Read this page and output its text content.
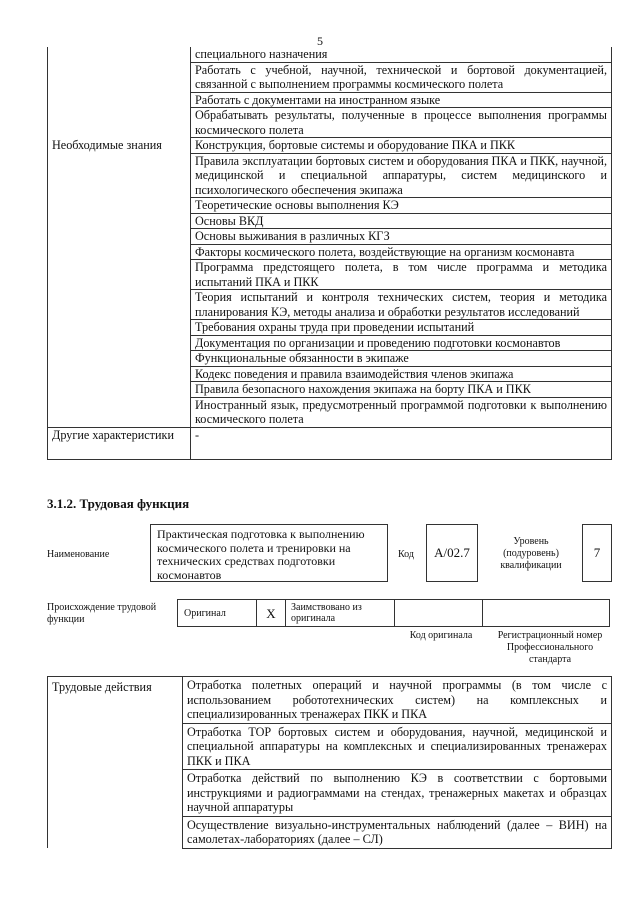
5
	специального назначения
	Работать с учебной, научной, технической и бортовой документацией, связанной с выполнением программы космического полета
	Работать с документами на иностранном языке
	Обрабатывать результаты, полученные в процессе выполнения программы космического полета
Необходимые знания	Конструкция, бортовые системы и оборудование ПКА и ПКК
	Правила эксплуатации бортовых систем и оборудования ПКА и ПКК, научной, медицинской и специальной аппаратуры, систем медицинского и психологического обеспечения экипажа
	Теоретические основы выполнения КЭ
	Основы ВКД
	Основы выживания в различных КГЗ
	Факторы космического полета, воздействующие на организм космонавта
	Программа предстоящего полета, в том числе программа и методика испытаний ПКА и ПКК
	Теория испытаний и контроля технических систем, теория и методика планирования КЭ, методы анализа и обработки результатов исследований
	Требования охраны труда при проведении испытаний
	Документация по организации и проведению подготовки космонавтов
	Функциональные обязанности в экипаже
	Кодекс поведения и правила взаимодействия членов экипажа
	Правила безопасного нахождения экипажа на борту ПКА и ПКК
	Иностранный язык, предусмотренный программой подготовки к выполнению космического полета
Другие характеристики	-
3.1.2. Трудовая функция
Наименование
Практическая подготовка к выполнению космического полета и тренировки на технических средствах подготовки космонавтов
Код	А/02.7
Уровень (подуровень) квалификации
7
Происхождение трудовой функции
Оригинал	X	Заимствовано из оригинала
Код оригинала	Регистрационный номер Профессионального стандарта
Трудовые действия	Отработка полетных операций и научной программы (в том числе с использованием робототехнических систем) на комплексных и специализированных тренажерах ПКК и ПКА
Отработка ТОР бортовых систем и оборудования, научной, медицинской и специальной аппаратуры на комплексных и специализированных тренажерах ПКК и ПКА
Отработка действий по выполнению КЭ в соответствии с бортовыми инструкциями и радиограммами на стендах, тренажерных макетах и образцах научной аппаратуры
Осуществление визуально-инструментальных наблюдений (далее – ВИН) на самолетах-лабораториях (далее – СЛ)
